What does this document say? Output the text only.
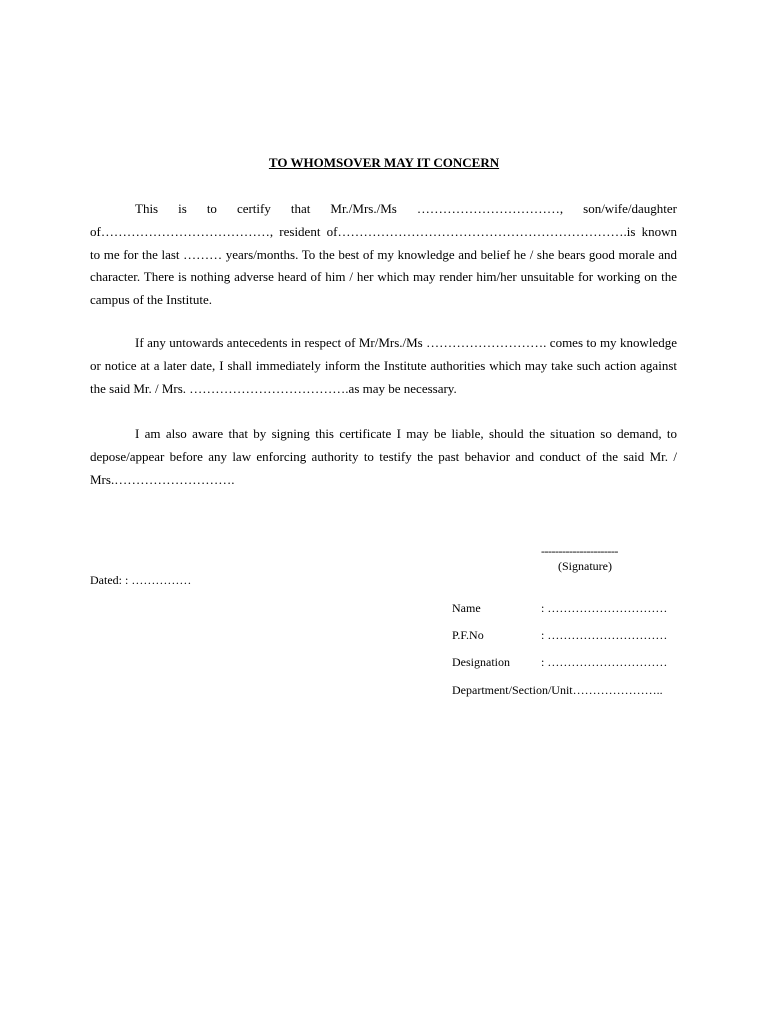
TO WHOMSOVER MAY IT CONCERN

This is to certify that Mr./Mrs./Ms ……………………………, son/wife/daughter of…………………………………, resident of………………………………………………………….is known to me for the last ……… years/months. To the best of my knowledge and belief he / she bears good morale and character. There is nothing adverse heard of him / her which may render him/her unsuitable for working on the campus of the Institute.

If any untowards antecedents in respect of Mr/Mrs./Ms ………………………. comes to my knowledge or notice at a later date, I shall immediately inform the Institute authorities which may take such action against the said Mr. / Mrs. ……………………………….as may be necessary.

I am also aware that by signing this certificate I may be liable, should the situation so demand, to depose/appear before any law enforcing authority to testify the past behavior and conduct of the said Mr. / Mrs.……………………….

----------------------
(Signature)
Dated: : ……………
Name	: …………………………
P.F.No	: …………………………
Designation	: …………………………
Department/Section/Unit…………………..
